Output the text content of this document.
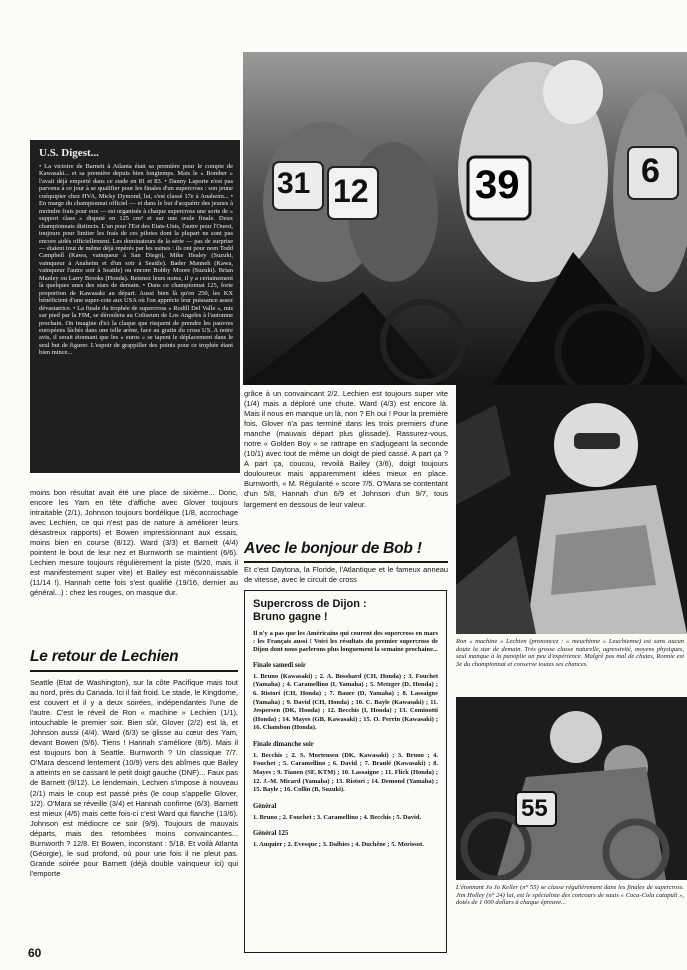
31 12	39	6
55
U.S. Digest...

• La victoire de Barnett à Atlanta était sa première pour le compte de Kawasaki... et sa première depuis bien longtemps. Mais le « Bomber » l'avait déjà emporté dans ce stade en 81 et 83. • Danny Laporte n'est pas parvenu à ce jour à se qualifier pour les finales d'un supercross : son jeune coéquipier chez HVA, Micky Dymond, lui, s'est classé 17e à Anaheim... • En marge du championnat officiel — et dans le but d'acquérir des jeunes à moindre frais pour eux — est organisée à chaque supercross une sorte de « support class » disputé en 125 cm³ et sur une seule finale. Deux championnats distincts. L'un pour l'Est des Etats-Unis, l'autre pour l'Ouest, toujours pour limiter les frais de ces pilotes dont la plupart ne sont pas encore aidés officiellement. Les dominateurs de la série — pas de surprise — étaient tout de même déjà repérés par les usines : ils ont pour nom Todd Campbell (Kawa, vainqueur à San Diego), Mike Healey (Suzuki, vainqueur à Anaheim et d'un soir à Seattle). Bader Manneh (Kawa, vainqueur l'autre soir à Seattle) ou encore Bobby Moore (Suzuki). Brian Manley ou Larry Brooks (Honda). Retenez leurs noms, il y a certainement là quelques unes des stars de demain. • Dans ce championnat 125, forte proportion de Kawasaki au départ. Aussi bien là qu'en 250, les KX bénéficient d'une super-cote aux USA où l'on apprécie leur puissance assez dévastatrice. • La finale du trophée de supercross « Rodill Del Valle », mis sur pied par la FIM, se déroulera au Coliseum de Los Angeles à l'automne prochain. On imagine d'ici la claque que risquent de prendre les pauvres européens lâchés dans une telle arène, face au gratin du cross US. A notre avis, il serait étonnant que les « euros » se tapent le déplacement dans le seul but de figurer. L'espoir de grappiller des points pour ce trophée étant bien mince...

moins bon résultat avait été une place de sixième... Donc, encore les Yam en tête d'affiche avec Glover toujours intraitable (2/1), Johnson toujours bordélique (1/8, accrochage avec Lechien, ce qui n'est pas de nature à améliorer leurs désastreux rapports) et Bowen impressionnant aux essais, moins bien en course (8/12). Ward (3/3) et Barnett (4/4) pointent le bout de leur nez et Burnworth se maintient (6/6). Lechien mesure toujours régulièrement la piste (5/20, mais il est manifestement super vite) et Bailey est méconnaissable (11/14 !). Hannah cette fois s'est qualifié (19/16, dernier au général...) : chez les rouges, on masque dur.

Le retour de Lechien

Seattle (Etat de Washington), sur la côte Pacifique mais tout au nord, près du Canada. Ici il fait froid. Le stade, le Kingdome, est couvert et il y a deux soirées, indépendantes l'une de l'autre. C'est le réveil de Ron « machine » Lechien (1/1), intouchable le premier soir. Bien sûr, Glover (2/2) est là, et Johnson aussi (4/4). Ward (6/3) se glisse au cœur des Yam, devant Bowen (5/6). Tiens ! Hannah s'améliore (8/5). Mais il est toujours bon à Seattle. Burnworth ? Un classique 7/7. O'Mara descend lentement (10/9) vers des abîmes que Bailey a atteints en se cassant le petit doigt gauche (DNF)... Faux pas de Barnett (9/12). Le lendemain, Lechien s'impose à nouveau (2/1) mais le coup est passé près (le coup s'appelle Glover, 1/2). O'Mara se réveille (3/4) et Hannah confirme (6/3). Barnett est mieux (4/5) mais cette fois-ci c'est Ward qui flanche (13/6). Johnson est médiocre ce soir (9/9). Toujours de mauvais départs, mais des retombées moins convaincantes... Burnworth ? 12/8. Et Bowen, inconstant : 5/18. Et voilà Atlanta (Géorgie), le sud profond, où pour une fois il ne pleut pas. Grande soirée pour Barnett (déjà double vainqueur ici) qui l'emporte

grâce à un convaincant 2/2. Lechien est toujours super vite (1/4) mais a déploré une chute. Ward (4/3) est encore là. Mais il nous en manque un là, non ? Eh oui ! Pour la première fois, Glover n'a pas terminé dans les trois premiers d'une manche (mauvais départ plus glissade). Rassurez-vous, notre « Golden Boy » se rattrape en s'adjugeant la seconde (10/1) avec tout de même un doigt de pied cassé. A part ça ? A part ça, coucou, revoilà Bailey (3/6), doigt toujours douloureux mais apparemment idées mieux en place. Burnworth, « M. Régularité » score 7/5. O'Mara se contentant d'un 5/8, Hannah d'un 6/9 et Johnson d'un 9/7, tous largement en dessous de leur valeur.

Avec le bonjour de Bob !

Et c'est Daytona, la Floride, l'Atlantique et le fameux anneau de vitesse, avec le circuit de cross

Supercross de Dijon :
Bruno gagne !

Il n'y a pas que les Américains qui courent des supercross en mars : les Français aussi ! Voici les résultats du premier supercross de Dijon dont nous parlerons plus longuement la semaine prochaine...

Finale samedi soir

1. Bruno (Kawasaki) ; 2. A. Bosshard (CH, Honda) ; 3. Fouchet (Yamaha) ; 4. Caramellino (I, Yamaha) ; 5. Metzger (D, Honda) ; 6. Ristori (CH, Honda) ; 7. Bauer (D, Yamaha) ; 8. Lassaigne (Yamaha) ; 9. David (CH, Honda) ; 10. C. Bayle (Kawasaki) ; 11. Jespersen (DK, Honda) ; 12. Becchis (I, Honda) ; 13. Cominotti (Honda) ; 14. Mayes (GB, Kawasaki) ; 15. O. Perrin (Kawasaki) ; 16. Chambon (Honda).

Finale dimanche soir

1. Becchis ; 2. S. Mortensen (DK, Kawasaki) ; 3. Bruno ; 4. Fouchet ; 5. Caramellino ; 6. David ; 7. Branlé (Kawasaki) ; 8. Mayes ; 9. Tianen (SF, KTM) ; 10. Lassaigne ; 11. Flick (Honda) ; 12. J.-M. Micard (Yamaha) ; 13. Ristori ; 14. Demond (Yamaha) ; 15. Bayle ; 16. Collin (B, Suzuki).

Général

1. Bruno ; 2. Fouchet ; 3. Caramellino ; 4. Becchis ; 5. David.

Général 125

1. Auquier ; 2. Evesque ; 3. Dalbies ; 4. Duchêne ; 5. Morissot.

Ron « machine » Lechien (prononcez : « meuchinne » Leuchienne) est sans aucun doute la star de demain. Très grosse classe naturelle, agressivité, moyens physiques, seul manque à la panoplie un peu d'expérience. Malgré pas mal de chutes, Ronnie est 3e du championnat et conserve toutes ses chances.
L'étonnant Jo Jo Keller (n° 55) se classe régulièrement dans les finales de supercross. Jim Holley (n° 24) lui, est le spécialiste des concours de sauts « Coca-Cola catapult », dotés de 1 000 dollars à chaque épreuve...
60
